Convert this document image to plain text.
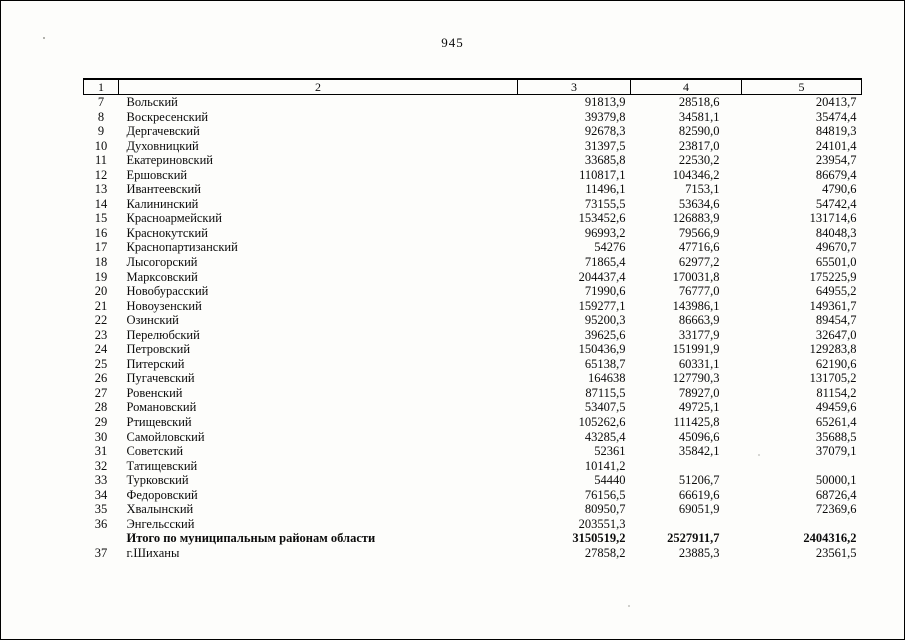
945
1	2	3	4	5
7	Вольский	91813,9	28518,6	20413,7
8	Воскресенский	39379,8	34581,1	35474,4
9	Дергачевский	92678,3	82590,0	84819,3
10	Духовницкий	31397,5	23817,0	24101,4
11	Екатериновский	33685,8	22530,2	23954,7
12	Ершовский	110817,1	104346,2	86679,4
13	Ивантеевский	11496,1	7153,1	4790,6
14	Калининский	73155,5	53634,6	54742,4
15	Красноармейский	153452,6	126883,9	131714,6
16	Краснокутский	96993,2	79566,9	84048,3
17	Краснопартизанский	54276	47716,6	49670,7
18	Лысогорский	71865,4	62977,2	65501,0
19	Марксовский	204437,4	170031,8	175225,9
20	Новобурасский	71990,6	76777,0	64955,2
21	Новоузенский	159277,1	143986,1	149361,7
22	Озинский	95200,3	86663,9	89454,7
23	Перелюбский	39625,6	33177,9	32647,0
24	Петровский	150436,9	151991,9	129283,8
25	Питерский	65138,7	60331,1	62190,6
26	Пугачевский	164638	127790,3	131705,2
27	Ровенский	87115,5	78927,0	81154,2
28	Романовский	53407,5	49725,1	49459,6
29	Ртищевский	105262,6	111425,8	65261,4
30	Самойловский	43285,4	45096,6	35688,5
31	Советский	52361	35842,1	37079,1
32	Татищевский	10141,2		
33	Турковский	54440	51206,7	50000,1
34	Федоровский	76156,5	66619,6	68726,4
35	Хвалынский	80950,7	69051,9	72369,6
36	Энгельсский	203551,3		
	Итого по муниципальным районам области	3150519,2	2527911,7	2404316,2
37	г.Шиханы	27858,2	23885,3	23561,5
